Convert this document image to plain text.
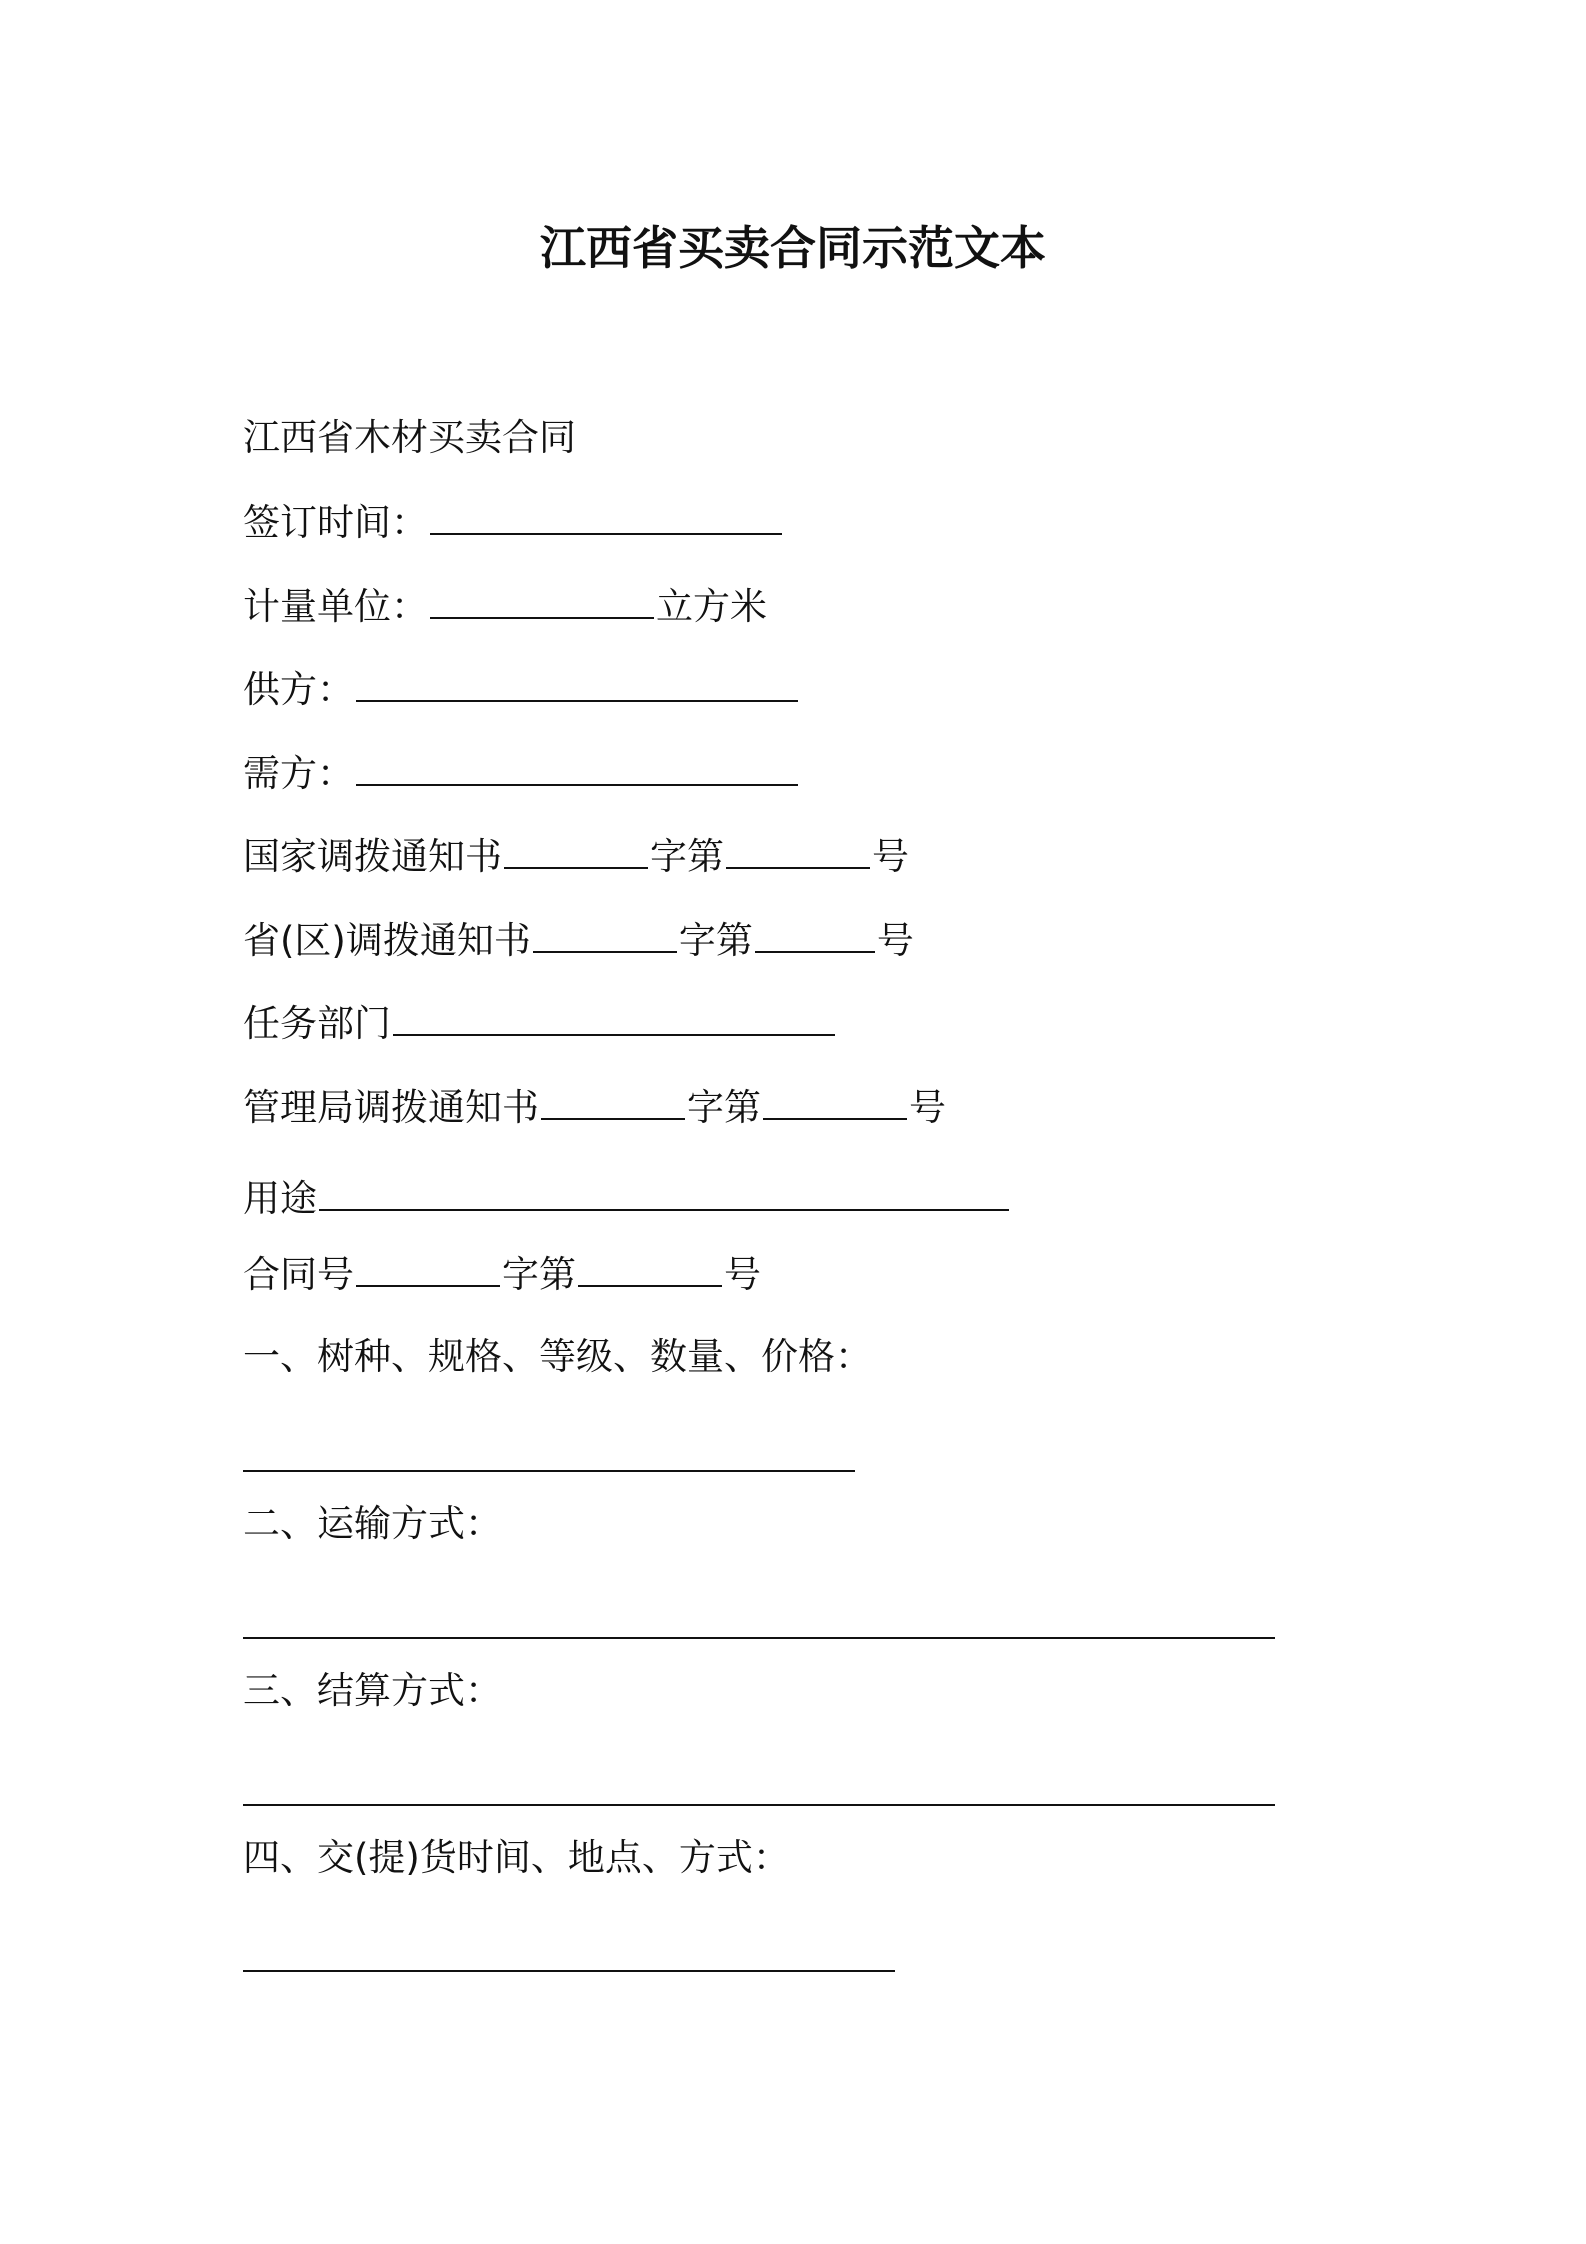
江西省买卖合同示范文本
江西省木材买卖合同
签订时间：
计量单位：	立方米
供方：
需方：
国家调拨通知书	字第	号
省(区)调拨通知书	字第	号
任务部门
管理局调拨通知书	字第	号
用途
合同号	字第	号
一、树种、规格、等级、数量、价格：
二、运输方式：
三、结算方式：
四、交(提)货时间、地点、方式：
